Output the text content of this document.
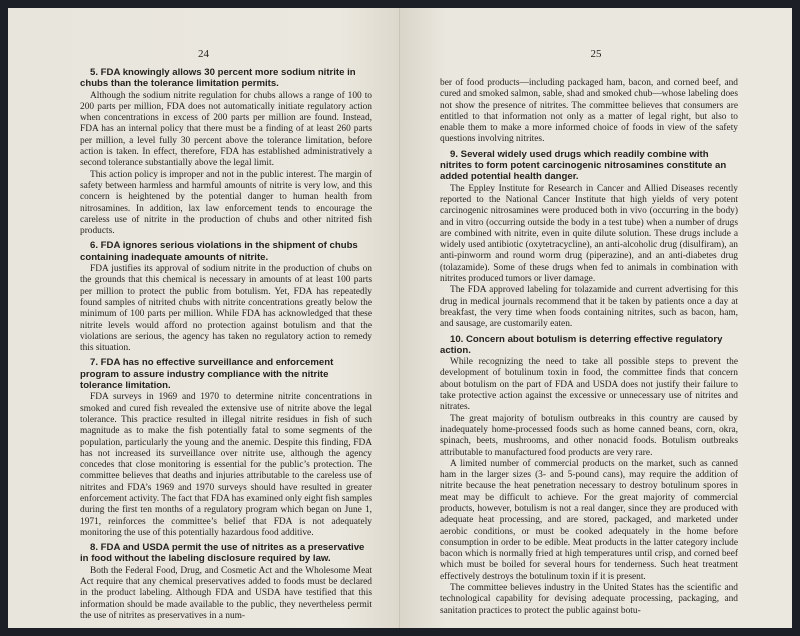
24
5. FDA knowingly allows 30 percent more sodium nitrite in chubs than the tolerance limitation permits.

Although the sodium nitrite regulation for chubs allows a range of 100 to 200 parts per million, FDA does not automatically initiate regulatory action when concentrations in excess of 200 parts per million are found. Instead, FDA has an internal policy that there must be a finding of at least 260 parts per million, a level fully 30 percent above the tolerance limitation, before action is taken. In effect, therefore, FDA has established administratively a second tolerance substantially above the legal limit.

This action policy is improper and not in the public interest. The margin of safety between harmless and harmful amounts of nitrite is very low, and this concern is heightened by the potential danger to human health from nitrosamines. In addition, lax law enforcement tends to encourage the careless use of nitrite in the production of chubs and other nitrited fish products.

6. FDA ignores serious violations in the shipment of chubs containing inadequate amounts of nitrite.

FDA justifies its approval of sodium nitrite in the production of chubs on the grounds that this chemical is necessary in amounts of at least 100 parts per million to protect the public from botulism. Yet, FDA has repeatedly found samples of nitrited chubs with nitrite concentrations greatly below the minimum of 100 parts per million. While FDA has acknowledged that these nitrite levels would afford no protection against botulism and that the violations are serious, the agency has taken no regulatory action to remedy this situation.

7. FDA has no effective surveillance and enforcement program to assure industry compliance with the nitrite tolerance limitation.

FDA surveys in 1969 and 1970 to determine nitrite concentrations in smoked and cured fish revealed the extensive use of nitrite above the legal tolerance. This practice resulted in illegal nitrite residues in fish of such magnitude as to make the fish potentially fatal to some segments of the population, particularly the young and the anemic. Despite this finding, FDA has not increased its surveillance over nitrite use, although the agency concedes that close monitoring is essential for the public’s protection. The committee believes that deaths and injuries attributable to the careless use of nitrites and FDA’s 1969 and 1970 surveys should have resulted in greater enforcement activity. The fact that FDA has examined only eight fish samples during the first ten months of a regulatory program which began on June 1, 1971, reinforces the committee’s belief that FDA is not adequately monitoring the use of this potentially hazardous food additive.

8. FDA and USDA permit the use of nitrites as a preservative in food without the labeling disclosure required by law.

Both the Federal Food, Drug, and Cosmetic Act and the Wholesome Meat Act require that any chemical preservatives added to foods must be declared in the product labeling. Although FDA and USDA have testified that this information should be made available to the public, they nevertheless permit the use of nitrites as preservatives in a num-

25

ber of food products—including packaged ham, bacon, and corned beef, and cured and smoked salmon, sable, shad and smoked chub—whose labeling does not show the presence of nitrites. The committee believes that consumers are entitled to that information not only as a matter of legal right, but also to enable them to make a more informed choice of foods in view of the safety questions involving nitrites.

9. Several widely used drugs which readily combine with nitrites to form potent carcinogenic nitrosamines constitute an added potential health danger.

The Eppley Institute for Research in Cancer and Allied Diseases recently reported to the National Cancer Institute that high yields of very potent carcinogenic nitrosamines were produced both in vivo (occurring in the body) and in vitro (occurring outside the body in a test tube) when a number of drugs are combined with nitrite, even in quite dilute solution. These drugs include a widely used antibiotic (oxytetracycline), an anti-alcoholic drug (disulfiram), an anti-pinworm and round worm drug (piperazine), and an anti-diabetes drug (tolazamide). Some of these drugs when fed to animals in combination with nitrites produced tumors or liver damage.

The FDA approved labeling for tolazamide and current advertising for this drug in medical journals recommend that it be taken by patients once a day at breakfast, the very time when foods containing nitrites, such as bacon, ham, and sausage, are customarily eaten.

10. Concern about botulism is deterring effective regulatory action.

While recognizing the need to take all possible steps to prevent the development of botulinum toxin in food, the committee finds that concern about botulism on the part of FDA and USDA does not justify their failure to take protective action against the excessive or unnecessary use of nitrites and nitrates.

The great majority of botulism outbreaks in this country are caused by inadequately home-processed foods such as home canned beans, corn, okra, spinach, beets, mushrooms, and other nonacid foods. Botulism outbreaks attributable to manufactured food products are very rare.

A limited number of commercial products on the market, such as canned ham in the larger sizes (3- and 5-pound cans), may require the addition of nitrite because the heat penetration necessary to destroy botulinum spores in meat may be difficult to achieve. For the great majority of commercial products, however, botulism is not a real danger, since they are produced with adequate heat processing, and are stored, packaged, and marketed under aerobic conditions, or must be cooked adequately in the home before consumption in order to be edible. Meat products in the latter category include bacon which is normally fried at high temperatures until crisp, and corned beef which must be boiled for several hours for tenderness. Such heat treatment effectively destroys the botulinum toxin if it is present.

The committee believes industry in the United States has the scientific and technological capability for devising adequate processing, packaging, and sanitation practices to protect the public against botu-
